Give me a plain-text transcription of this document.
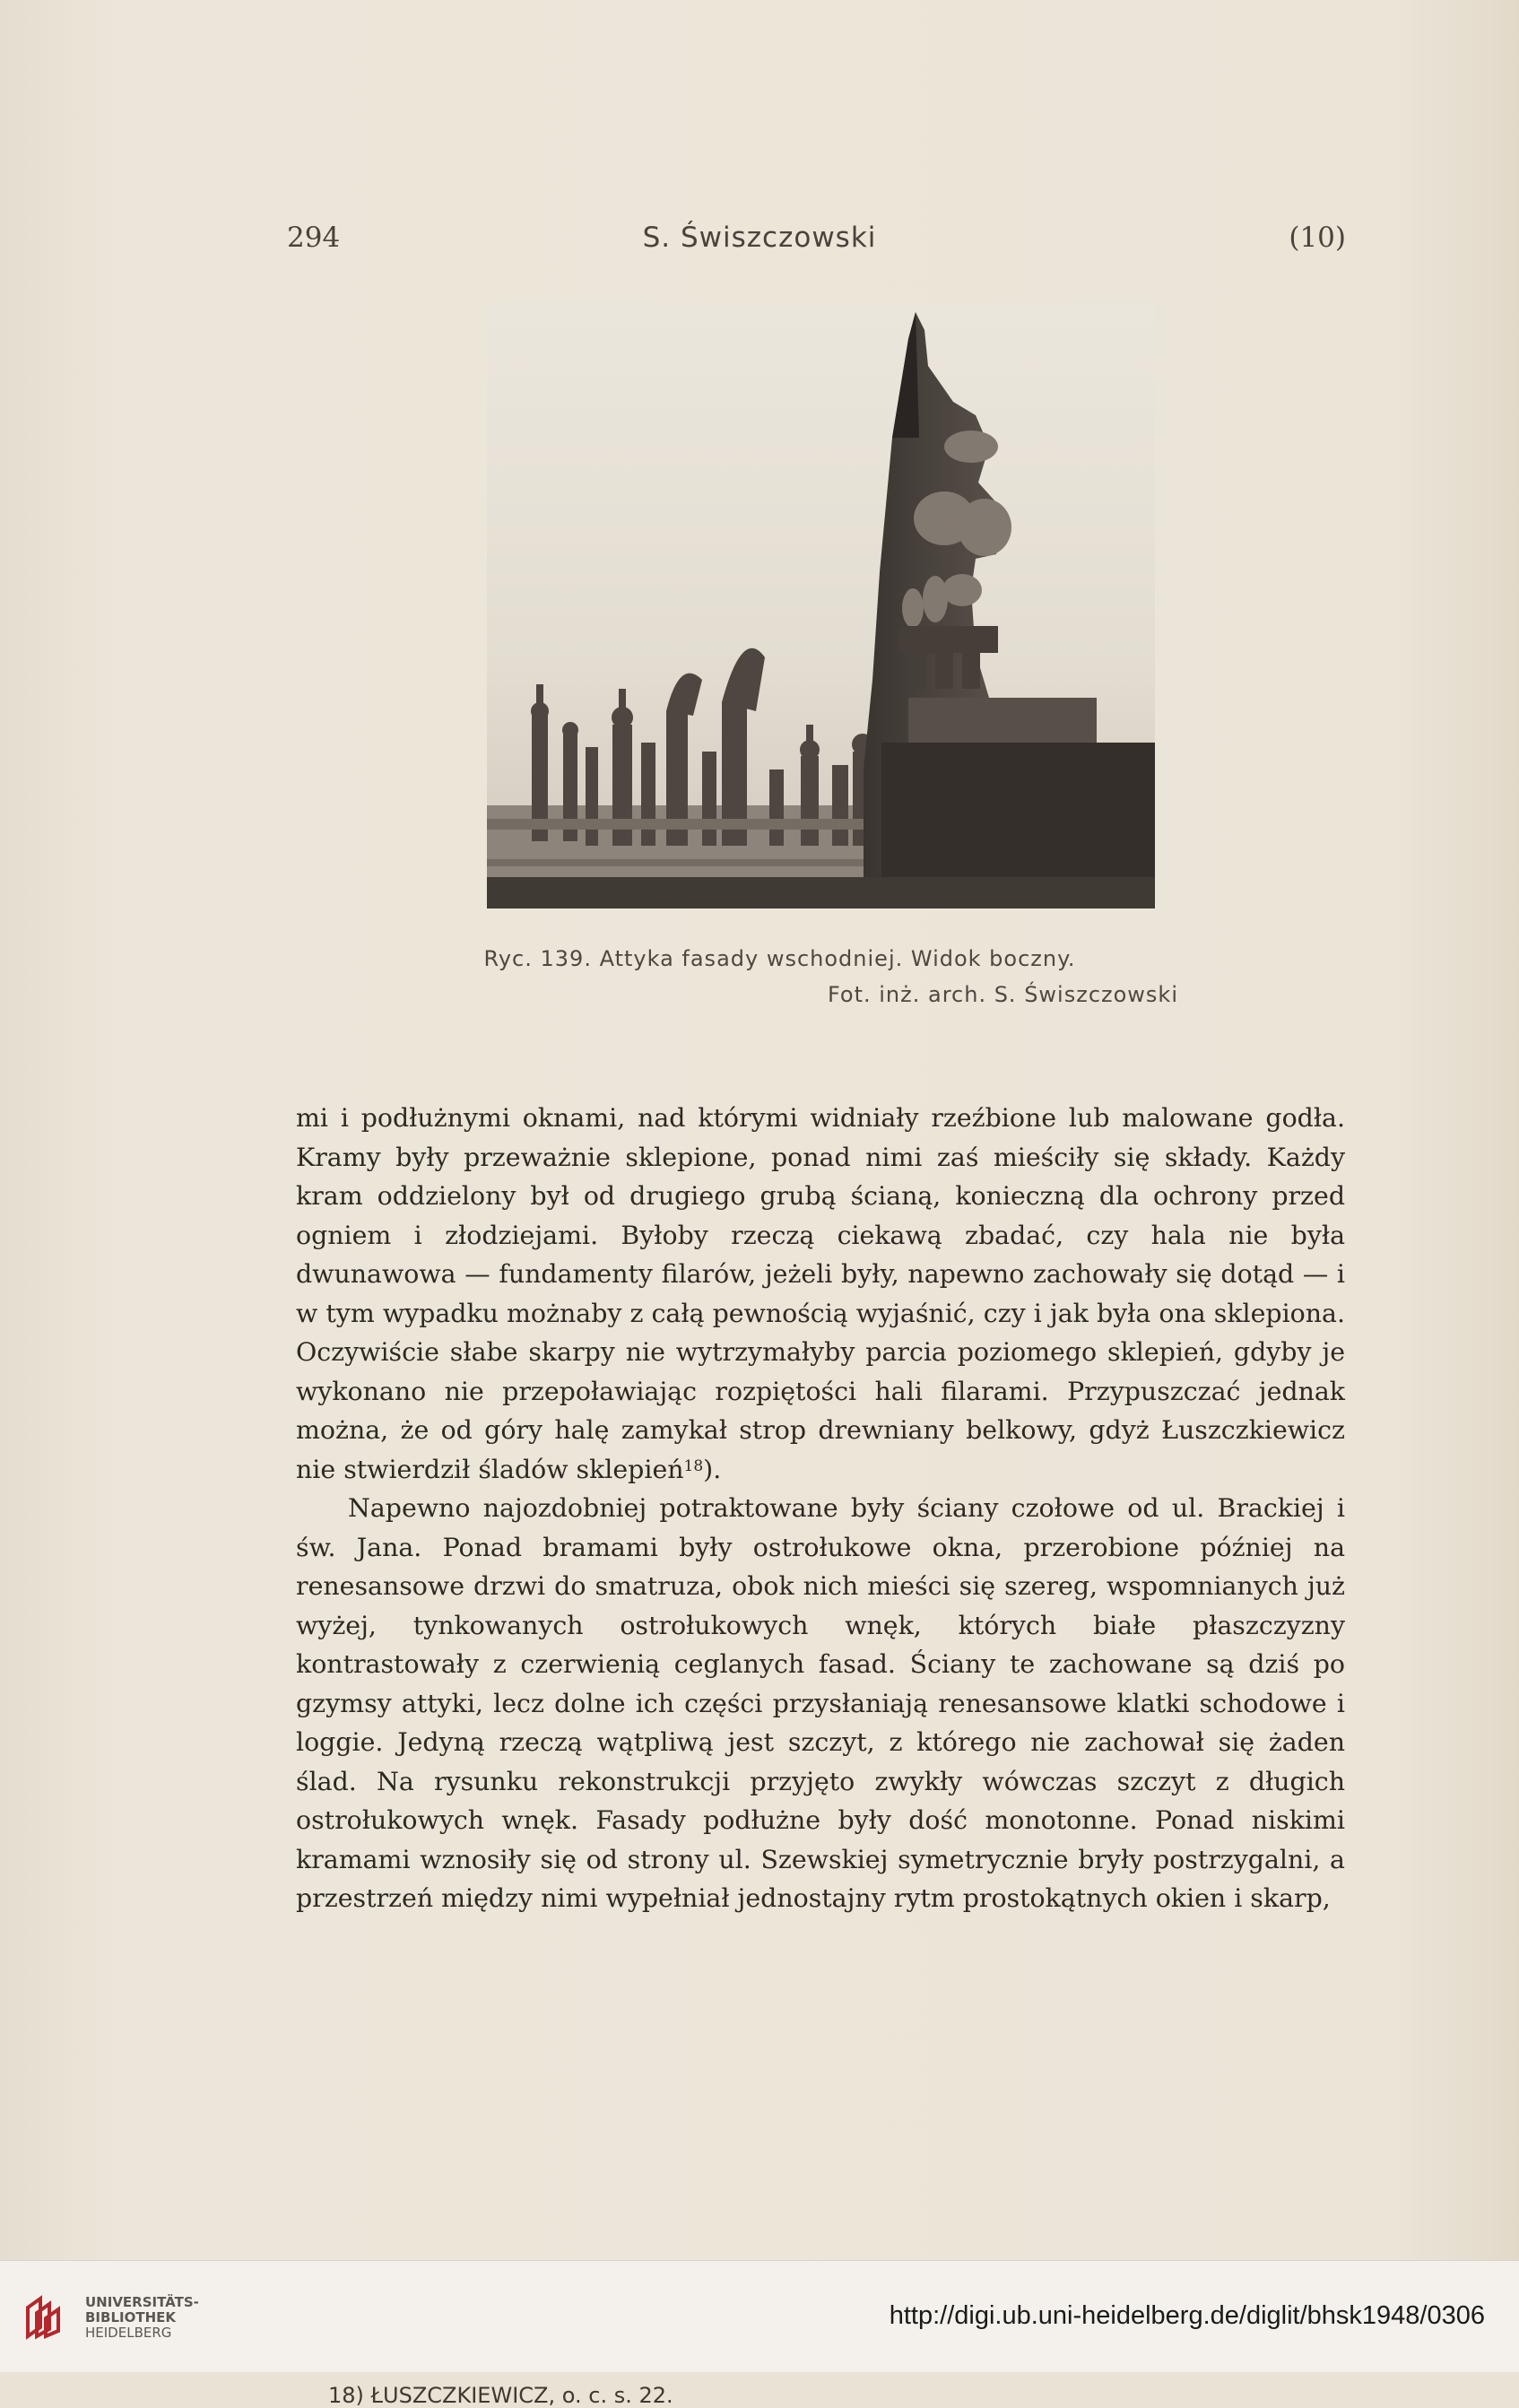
294	S. Świszczowski	(10)
Ryc. 139. Attyka fasady wschodniej. Widok boczny.
Fot. inż. arch. S. Świszczowski

mi i podłużnymi oknami, nad którymi widniały rzeźbione lub malowane godła. Kramy były przeważnie sklepione, ponad nimi zaś mieściły się składy. Każdy kram oddzielony był od drugiego grubą ścianą, konieczną dla ochrony przed ogniem i złodziejami. Byłoby rzeczą ciekawą zbadać, czy hala nie była dwunawowa — fundamenty filarów, jeżeli były, napewno zachowały się dotąd — i w tym wypadku możnaby z całą pewnością wyjaśnić, czy i jak była ona sklepiona. Oczywiście słabe skarpy nie wytrzymałyby parcia poziomego sklepień, gdyby je wykonano nie przepoławiając rozpiętości hali filarami. Przypuszczać jednak można, że od góry halę zamykał strop drewniany belkowy, gdyż Łuszczkiewicz nie stwierdził śladów sklepień$^{18}$).

Napewno najozdobniej potraktowane były ściany czołowe od ul. Brackiej i św. Jana. Ponad bramami były ostrołukowe okna, przerobione później na renesansowe drzwi do smatruza, obok nich mieści się szereg, wspomnianych już wyżej, tynkowanych ostrołukowych wnęk, których białe płaszczyzny kontrastowały z czerwienią ceglanych fasad. Ściany te zachowane są dziś po gzymsy attyki, lecz dolne ich części przysłaniają renesansowe klatki schodowe i loggie. Jedyną rzeczą wątpliwą jest szczyt, z którego nie zachował się żaden ślad. Na rysunku rekonstrukcji przyjęto zwykły wówczas szczyt z długich ostrołukowych wnęk. Fasady podłużne były dość monotonne. Ponad niskimi kramami wznosiły się od strony ul. Szewskiej symetrycznie bryły postrzygalni, a przestrzeń między nimi wypełniał jednostajny rytm prostokątnych okien i skarp,

18) ŁUSZCZKIEWICZ, o. c. s. 22.
UNIVERSITÄTS-
BIBLIOTHEK
HEIDELBERG
http://digi.ub.uni-heidelberg.de/diglit/bhsk1948/0306
